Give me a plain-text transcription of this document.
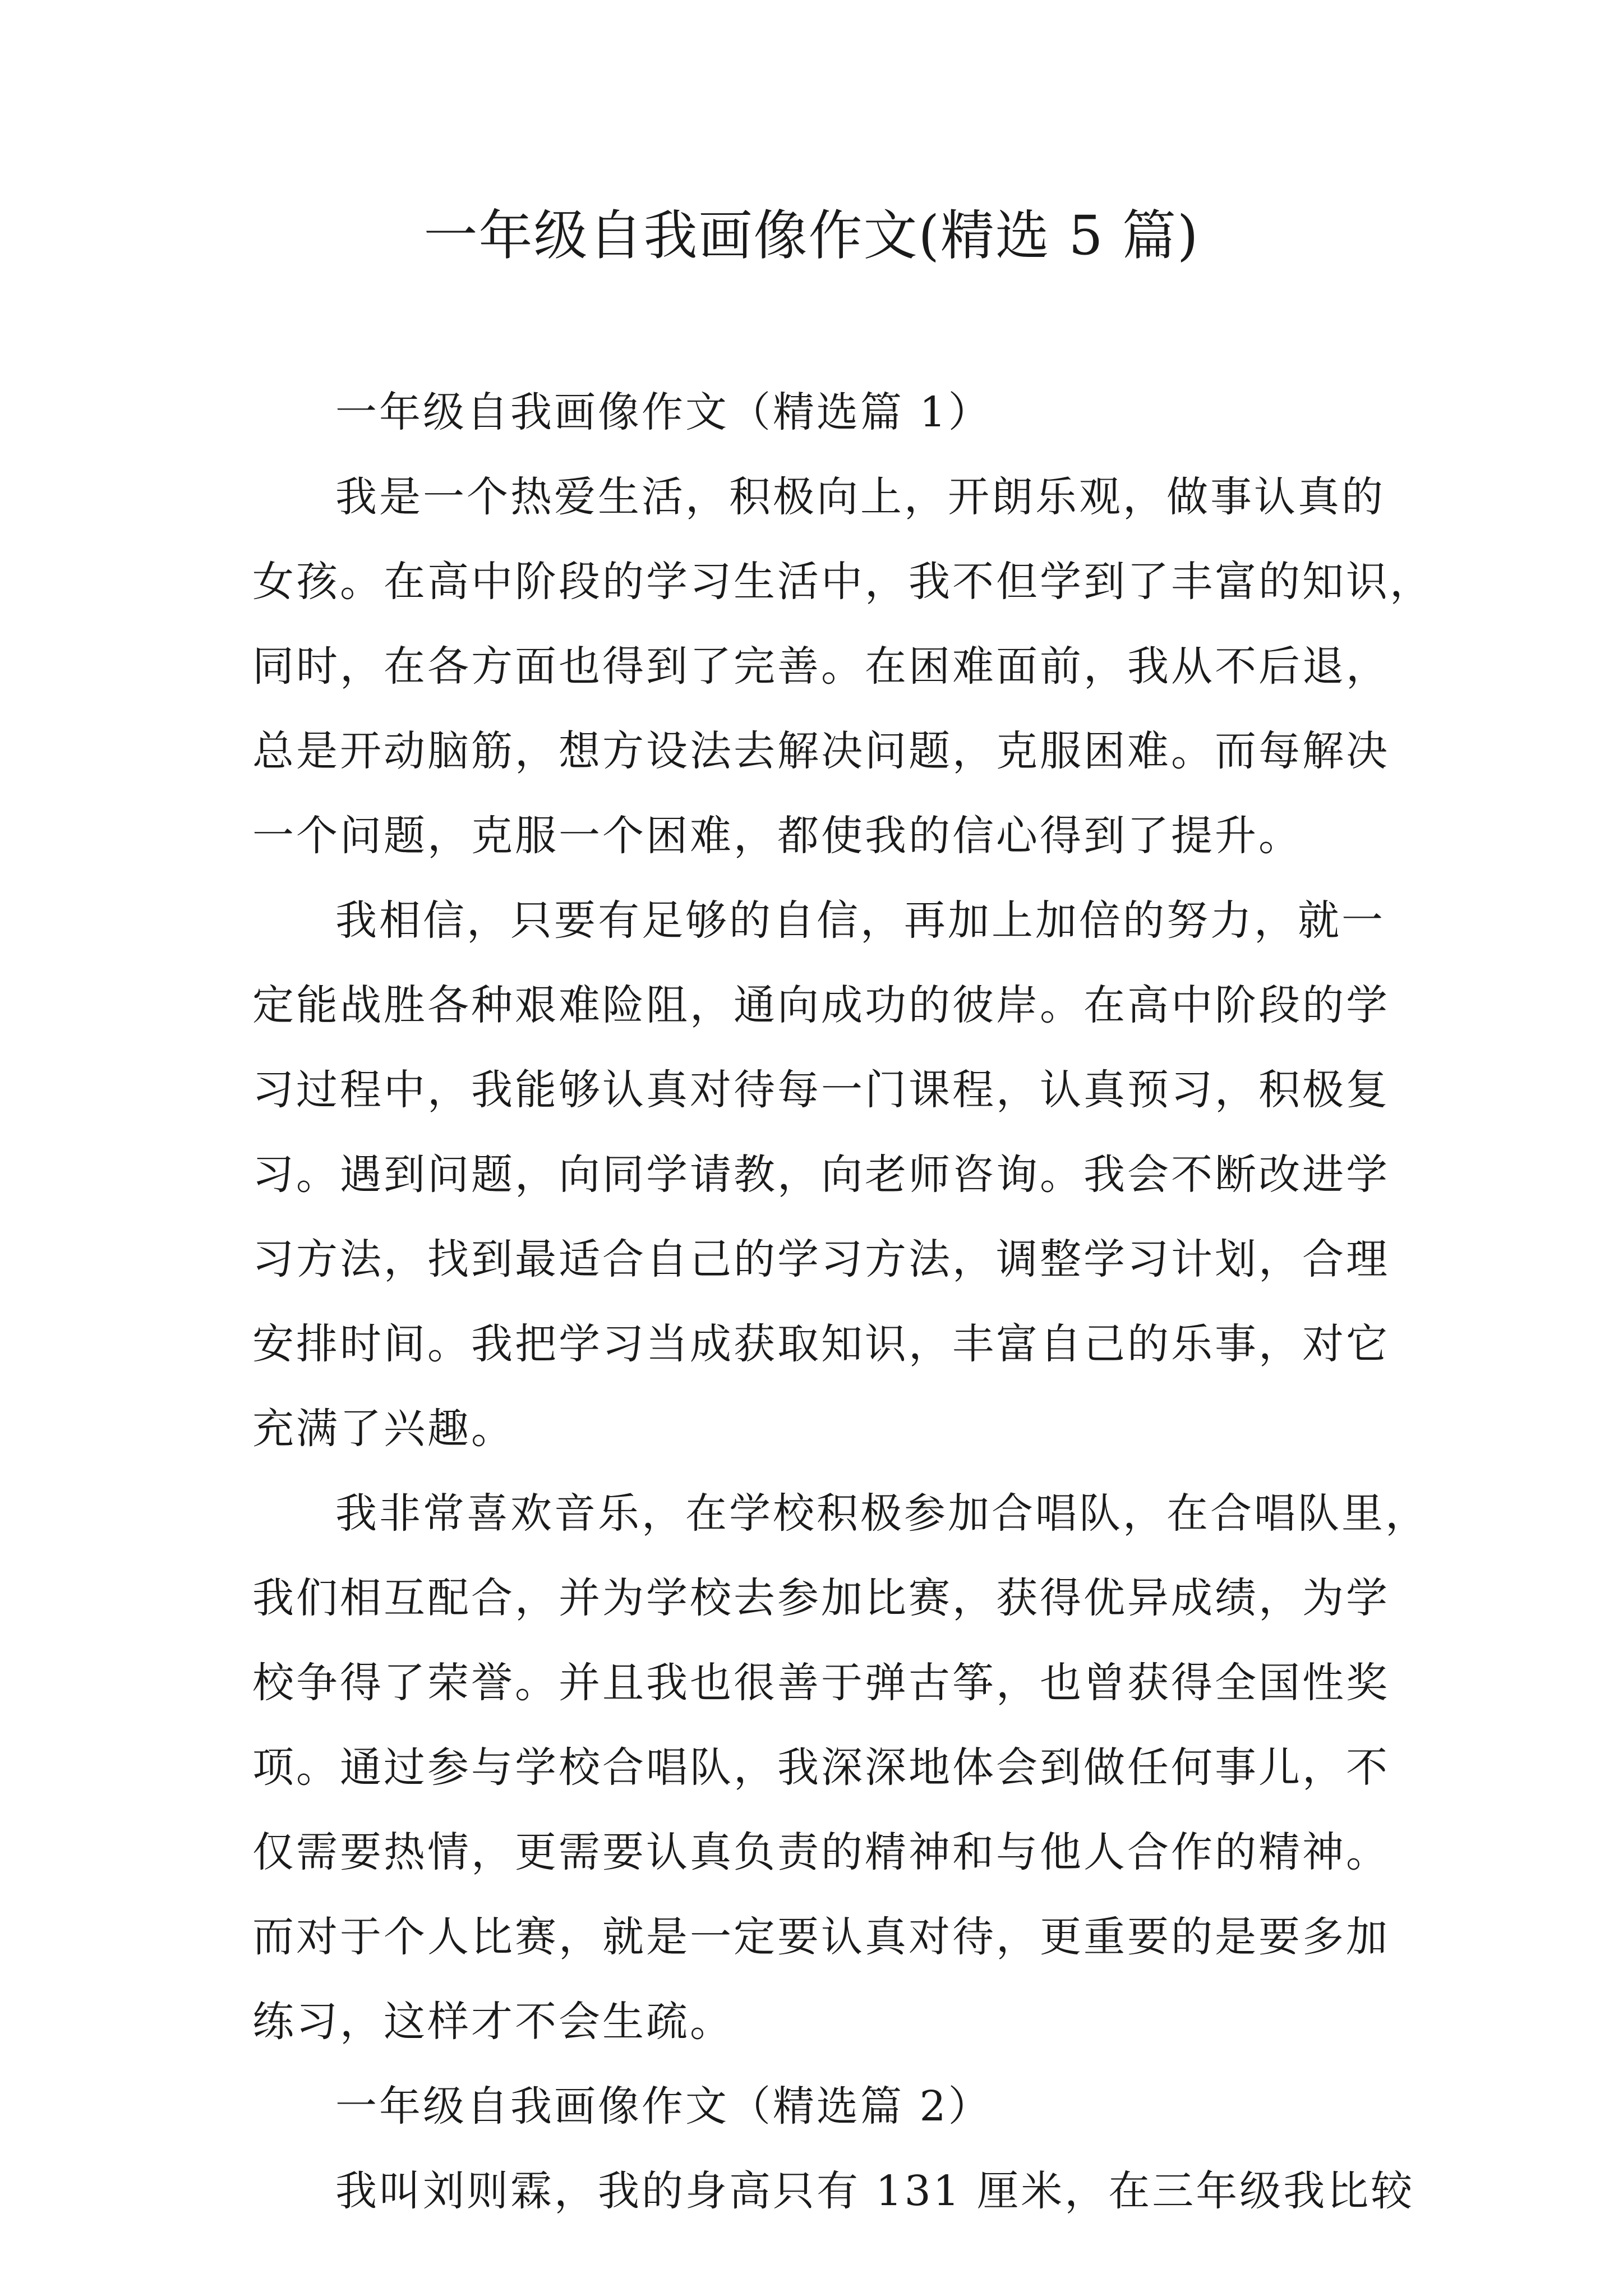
一年级自我画像作文(精选 5 篇)
一年级自我画像作文（精选篇 1）
我是一个热爱生活，积极向上，开朗乐观，做事认真的
女孩。在高中阶段的学习生活中，我不但学到了丰富的知识，
同时，在各方面也得到了完善。在困难面前，我从不后退，
总是开动脑筋，想方设法去解决问题，克服困难。而每解决
一个问题，克服一个困难，都使我的信心得到了提升。
我相信，只要有足够的自信，再加上加倍的努力，就一
定能战胜各种艰难险阻，通向成功的彼岸。在高中阶段的学
习过程中，我能够认真对待每一门课程，认真预习，积极复
习。遇到问题，向同学请教，向老师咨询。我会不断改进学
习方法，找到最适合自己的学习方法，调整学习计划，合理
安排时间。我把学习当成获取知识，丰富自己的乐事，对它
充满了兴趣。
我非常喜欢音乐，在学校积极参加合唱队，在合唱队里，
我们相互配合，并为学校去参加比赛，获得优异成绩，为学
校争得了荣誉。并且我也很善于弹古筝，也曾获得全国性奖
项。通过参与学校合唱队，我深深地体会到做任何事儿，不
仅需要热情，更需要认真负责的精神和与他人合作的精神。
而对于个人比赛，就是一定要认真对待，更重要的是要多加
练习，这样才不会生疏。
一年级自我画像作文（精选篇 2）
我叫刘则霖，我的身高只有 131 厘米，在三年级我比较
